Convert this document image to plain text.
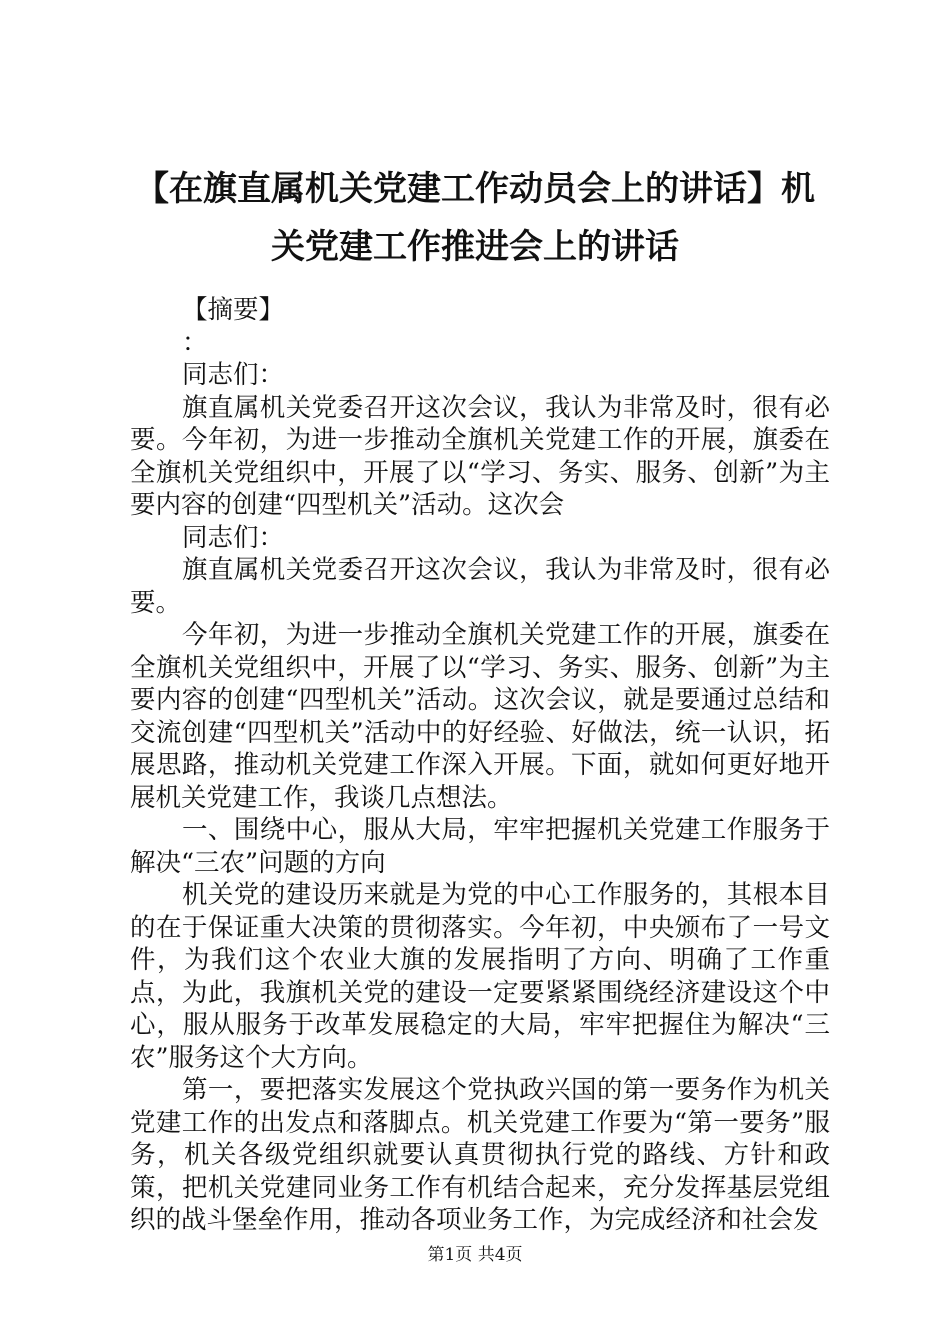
【在旗直属机关党建工作动员会上的讲话】机关党建工作推进会上的讲话

【摘要】

：

同志们：

旗直属机关党委召开这次会议，我认为非常及时，很有必要。今年初，为进一步推动全旗机关党建工作的开展，旗委在全旗机关党组织中，开展了以“学习、务实、服务、创新”为主要内容的创建“四型机关”活动。这次会

同志们：

旗直属机关党委召开这次会议，我认为非常及时，很有必要。

今年初，为进一步推动全旗机关党建工作的开展，旗委在全旗机关党组织中，开展了以“学习、务实、服务、创新”为主要内容的创建“四型机关”活动。这次会议，就是要通过总结和交流创建“四型机关”活动中的好经验、好做法，统一认识，拓展思路，推动机关党建工作深入开展。下面，就如何更好地开展机关党建工作，我谈几点想法。

一、围绕中心，服从大局，牢牢把握机关党建工作服务于解决“三农”问题的方向

机关党的建设历来就是为党的中心工作服务的，其根本目的在于保证重大决策的贯彻落实。今年初，中央颁布了一号文件，为我们这个农业大旗的发展指明了方向、明确了工作重点，为此，我旗机关党的建设一定要紧紧围绕经济建设这个中心，服从服务于改革发展稳定的大局，牢牢把握住为解决“三农”服务这个大方向。

第一，要把落实发展这个党执政兴国的第一要务作为机关党建工作的出发点和落脚点。机关党建工作要为“第一要务”服务，机关各级党组织就要认真贯彻执行党的路线、方针和政策，把机关党建同业务工作有机结合起来，充分发挥基层党组织的战斗堡垒作用，推动各项业务工作，为完成经济和社会发

第1页 共4页
